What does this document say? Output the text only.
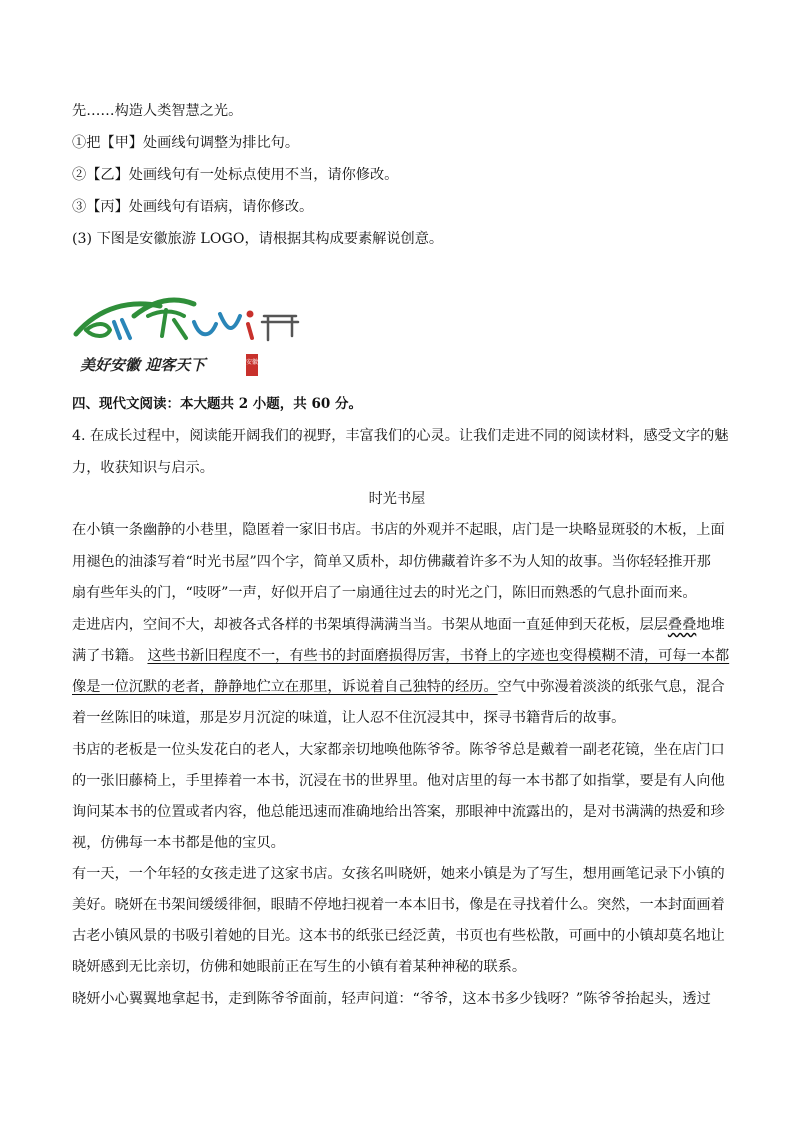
先……构造人类智慧之光。
①把【甲】处画线句调整为排比句。
②【乙】处画线句有一处标点使用不当，请你修改。
③【丙】处画线句有语病，请你修改。
(3) 下图是安徽旅游 LOGO，请根据其构成要素解说创意。
美好安徽 迎客天下	安徽
四、现代文阅读：本大题共 2 小题，共 60 分。
4. 在成长过程中，阅读能开阔我们的视野，丰富我们的心灵。让我们走进不同的阅读材料，感受文字的魅
力，收获知识与启示。
时光书屋
在小镇一条幽静的小巷里，隐匿着一家旧书店。书店的外观并不起眼，店门是一块略显斑驳的木板，上面
用褪色的油漆写着“时光书屋”四个字，简单又质朴，却仿佛藏着许多不为人知的故事。当你轻轻推开那
扇有些年头的门，“吱呀”一声，好似开启了一扇通往过去的时光之门，陈旧而熟悉的气息扑面而来。
走进店内，空间不大，却被各式各样的书架填得满满当当。书架从地面一直延伸到天花板，层层叠叠地堆
满了书籍。 这些书新旧程度不一，有些书的封面磨损得厉害，书脊上的字迹也变得模糊不清，可每一本都
像是一位沉默的老者，静静地伫立在那里，诉说着自己独特的经历。空气中弥漫着淡淡的纸张气息，混合
着一丝陈旧的味道，那是岁月沉淀的味道，让人忍不住沉浸其中，探寻书籍背后的故事。
书店的老板是一位头发花白的老人，大家都亲切地唤他陈爷爷。陈爷爷总是戴着一副老花镜，坐在店门口
的一张旧藤椅上，手里捧着一本书，沉浸在书的世界里。他对店里的每一本书都了如指掌，要是有人向他
询问某本书的位置或者内容，他总能迅速而准确地给出答案，那眼神中流露出的，是对书满满的热爱和珍
视，仿佛每一本书都是他的宝贝。
有一天，一个年轻的女孩走进了这家书店。女孩名叫晓妍，她来小镇是为了写生，想用画笔记录下小镇的
美好。晓妍在书架间缓缓徘徊，眼睛不停地扫视着一本本旧书，像是在寻找着什么。突然，一本封面画着
古老小镇风景的书吸引着她的目光。这本书的纸张已经泛黄，书页也有些松散，可画中的小镇却莫名地让
晓妍感到无比亲切，仿佛和她眼前正在写生的小镇有着某种神秘的联系。
晓妍小心翼翼地拿起书，走到陈爷爷面前，轻声问道：“爷爷，这本书多少钱呀？”陈爷爷抬起头，透过
